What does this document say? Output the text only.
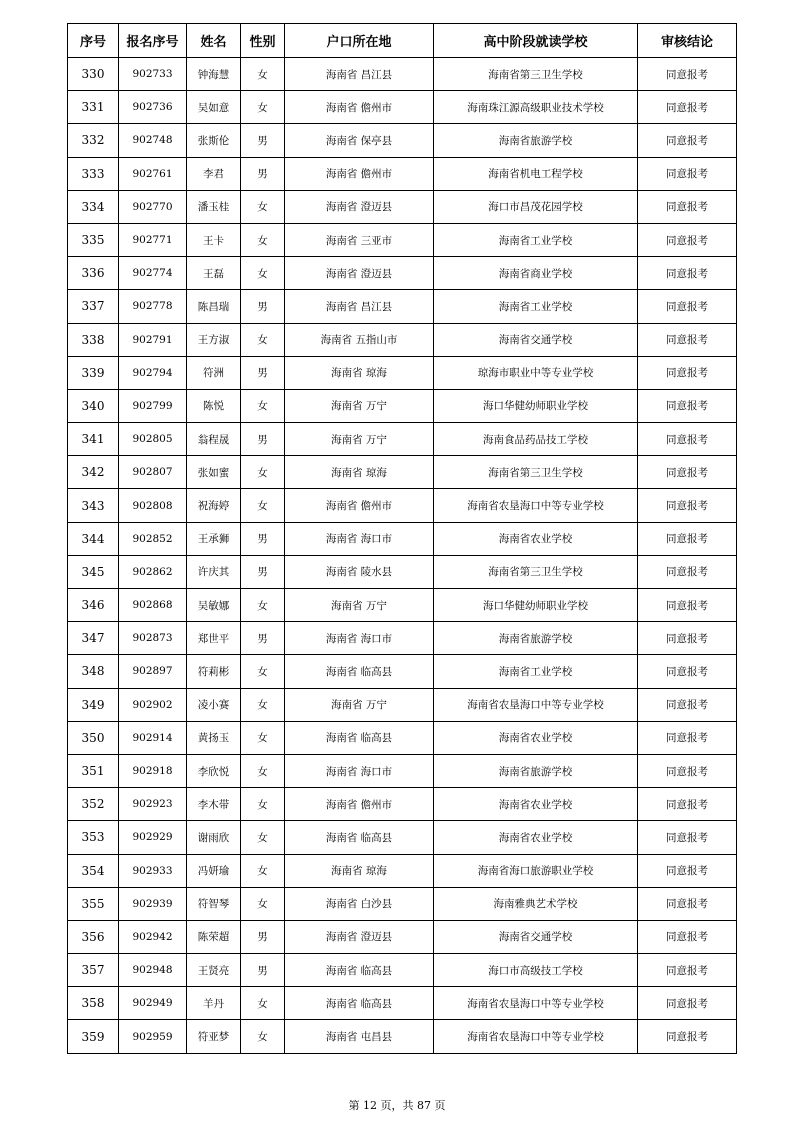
序号	报名序号	姓名	性别	户口所在地	高中阶段就读学校	审核结论
330	902733	钟海慧	女	海南省 昌江县	海南省第三卫生学校	同意报考
331	902736	吴如意	女	海南省 儋州市	海南珠江源高级职业技术学校	同意报考
332	902748	张斯伦	男	海南省 保亭县	海南省旅游学校	同意报考
333	902761	李君	男	海南省 儋州市	海南省机电工程学校	同意报考
334	902770	潘玉桂	女	海南省 澄迈县	海口市昌茂花园学校	同意报考
335	902771	王卡	女	海南省 三亚市	海南省工业学校	同意报考
336	902774	王磊	女	海南省 澄迈县	海南省商业学校	同意报考
337	902778	陈昌瑞	男	海南省 昌江县	海南省工业学校	同意报考
338	902791	王方淑	女	海南省 五指山市	海南省交通学校	同意报考
339	902794	符洲	男	海南省 琼海	琼海市职业中等专业学校	同意报考
340	902799	陈悦	女	海南省 万宁	海口华健幼师职业学校	同意报考
341	902805	翁程晟	男	海南省 万宁	海南食品药品技工学校	同意报考
342	902807	张如蜜	女	海南省 琼海	海南省第三卫生学校	同意报考
343	902808	祝海婷	女	海南省 儋州市	海南省农垦海口中等专业学校	同意报考
344	902852	王承狮	男	海南省 海口市	海南省农业学校	同意报考
345	902862	许庆其	男	海南省 陵水县	海南省第三卫生学校	同意报考
346	902868	吴敏娜	女	海南省 万宁	海口华健幼师职业学校	同意报考
347	902873	郑世平	男	海南省 海口市	海南省旅游学校	同意报考
348	902897	符莉彬	女	海南省 临高县	海南省工业学校	同意报考
349	902902	凌小赛	女	海南省 万宁	海南省农垦海口中等专业学校	同意报考
350	902914	黄扬玉	女	海南省 临高县	海南省农业学校	同意报考
351	902918	李欣悦	女	海南省 海口市	海南省旅游学校	同意报考
352	902923	李木带	女	海南省 儋州市	海南省农业学校	同意报考
353	902929	谢雨欣	女	海南省 临高县	海南省农业学校	同意报考
354	902933	冯妍瑜	女	海南省 琼海	海南省海口旅游职业学校	同意报考
355	902939	符智琴	女	海南省 白沙县	海南雅典艺术学校	同意报考
356	902942	陈荣超	男	海南省 澄迈县	海南省交通学校	同意报考
357	902948	王贤亮	男	海南省 临高县	海口市高级技工学校	同意报考
358	902949	羊丹	女	海南省 临高县	海南省农垦海口中等专业学校	同意报考
359	902959	符亚梦	女	海南省 屯昌县	海南省农垦海口中等专业学校	同意报考
第 12 页，共 87 页
